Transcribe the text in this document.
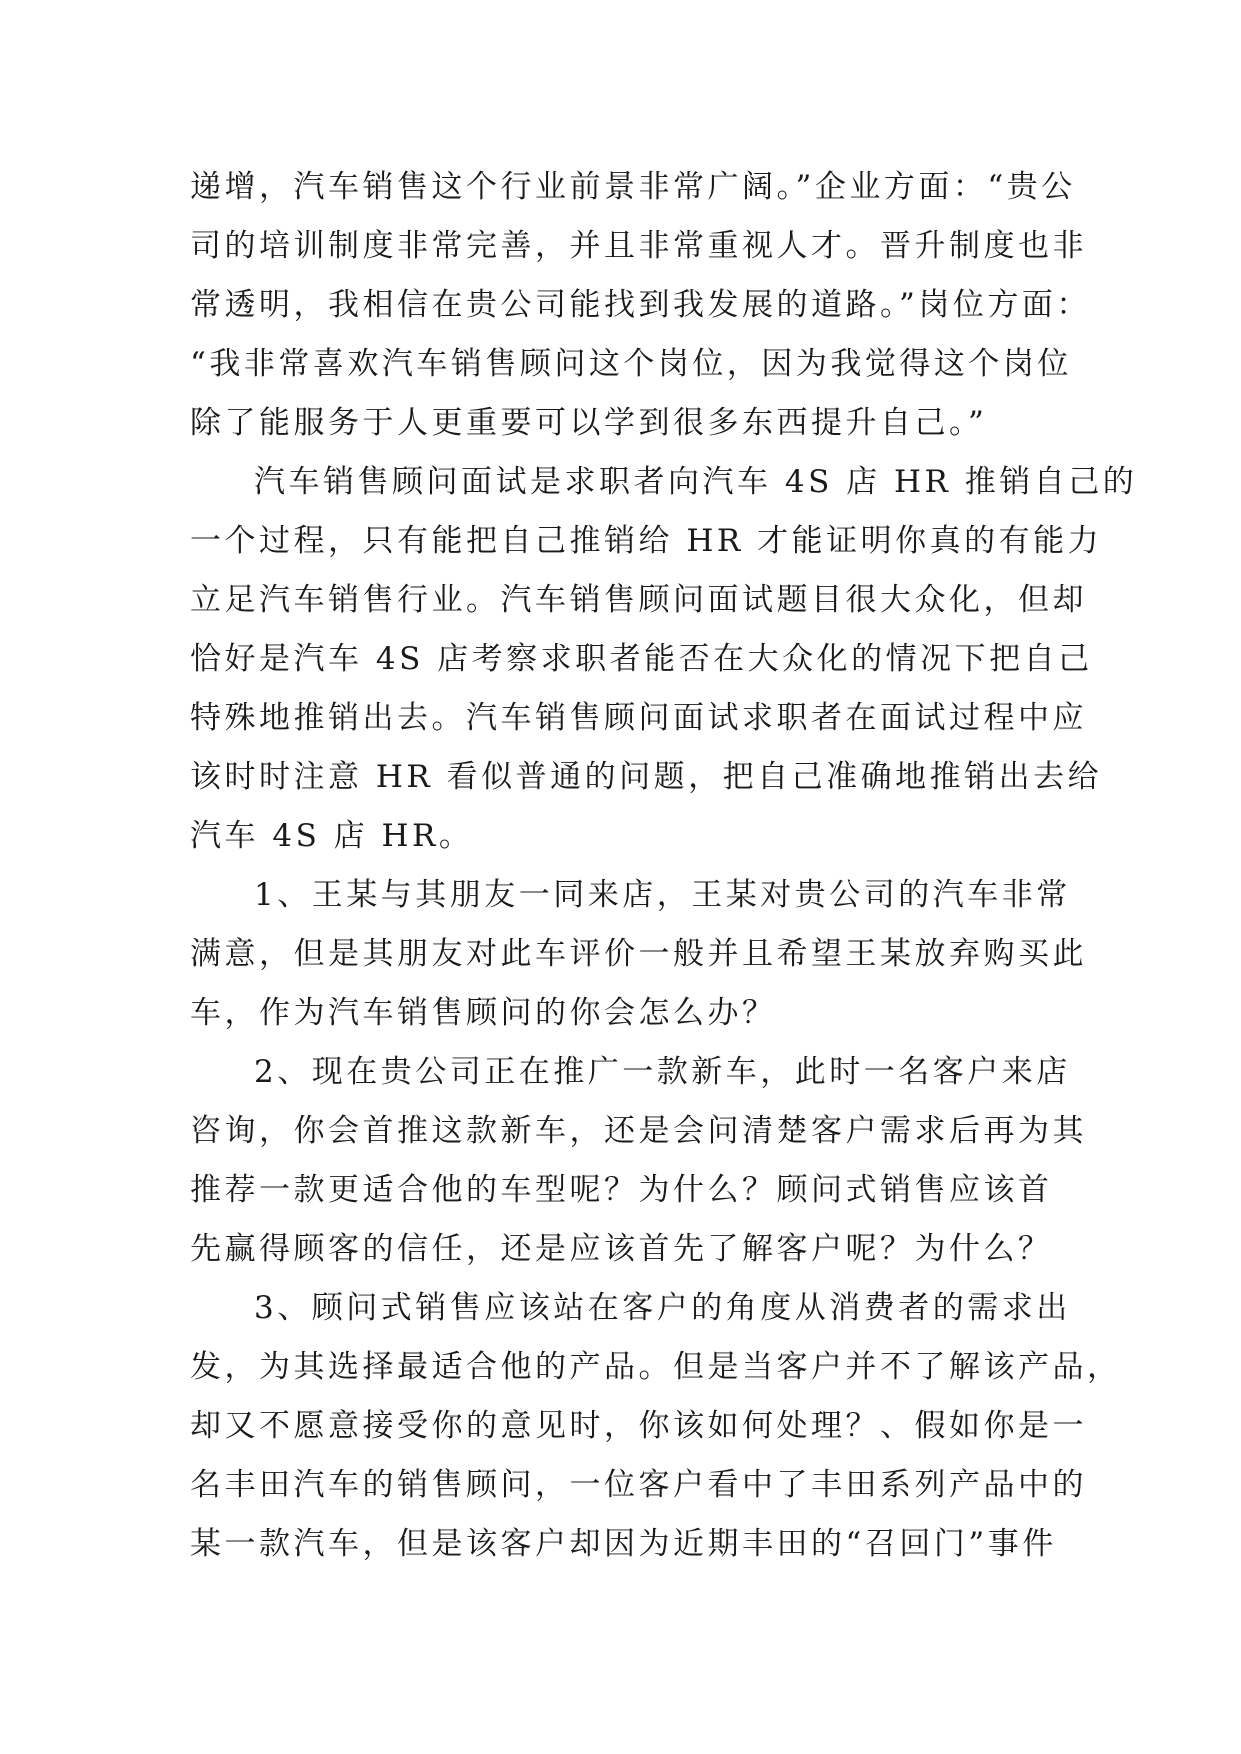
递增，汽车销售这个行业前景非常广阔。”企业方面：“贵公
司的培训制度非常完善，并且非常重视人才。晋升制度也非
常透明，我相信在贵公司能找到我发展的道路。”岗位方面：
“我非常喜欢汽车销售顾问这个岗位，因为我觉得这个岗位
除了能服务于人更重要可以学到很多东西提升自己。”
汽车销售顾问面试是求职者向汽车 4S 店 HR 推销自己的
一个过程，只有能把自己推销给 HR 才能证明你真的有能力
立足汽车销售行业。汽车销售顾问面试题目很大众化，但却
恰好是汽车 4S 店考察求职者能否在大众化的情况下把自己
特殊地推销出去。汽车销售顾问面试求职者在面试过程中应
该时时注意 HR 看似普通的问题，把自己准确地推销出去给
汽车 4S 店 HR。
1、王某与其朋友一同来店，王某对贵公司的汽车非常
满意，但是其朋友对此车评价一般并且希望王某放弃购买此
车，作为汽车销售顾问的你会怎么办？
2、现在贵公司正在推广一款新车，此时一名客户来店
咨询，你会首推这款新车，还是会问清楚客户需求后再为其
推荐一款更适合他的车型呢？为什么？顾问式销售应该首
先赢得顾客的信任，还是应该首先了解客户呢？为什么？
3、顾问式销售应该站在客户的角度从消费者的需求出
发，为其选择最适合他的产品。但是当客户并不了解该产品，
却又不愿意接受你的意见时，你该如何处理？、假如你是一
名丰田汽车的销售顾问，一位客户看中了丰田系列产品中的
某一款汽车，但是该客户却因为近期丰田的“召回门”事件
